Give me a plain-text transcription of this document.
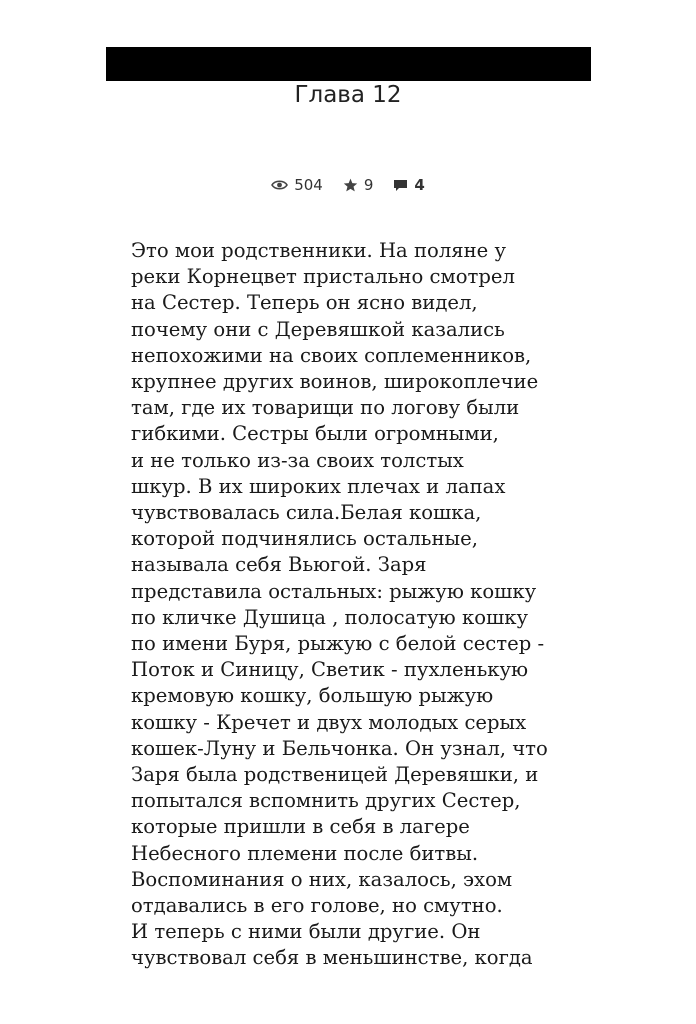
Глава 12
504	9	4
Это мои родственники. На поляне у
реки Корнецвет пристально смотрел
на Сестер. Теперь он ясно видел,
почему они с Деревяшкой казались
непохожими на своих соплеменников,
крупнее других воинов, широкоплечие
там, где их товарищи по логову были
гибкими. Сестры были огромными,
и не только из-за своих толстых
шкур. В их широких плечах и лапах
чувствовалась сила.Белая кошка,
которой подчинялись остальные,
называла себя Вьюгой. Заря
представила остальных: рыжую кошку
по кличке Душица , полосатую кошку
по имени Буря, рыжую с белой сестер -
Поток и Синицу, Светик - пухленькую
кремовую кошку, большую рыжую
кошку - Кречет и двух молодых серых
кошек-Луну и Бельчонка. Он узнал, что
Заря была родственицей Деревяшки, и
попытался вспомнить других Сестер,
которые пришли в себя в лагере
Небесного племени после битвы.
Воспоминания о них, казалось, эхом
отдавались в его голове, но смутно.
И теперь с ними были другие. Он
чувствовал себя в меньшинстве, когда
